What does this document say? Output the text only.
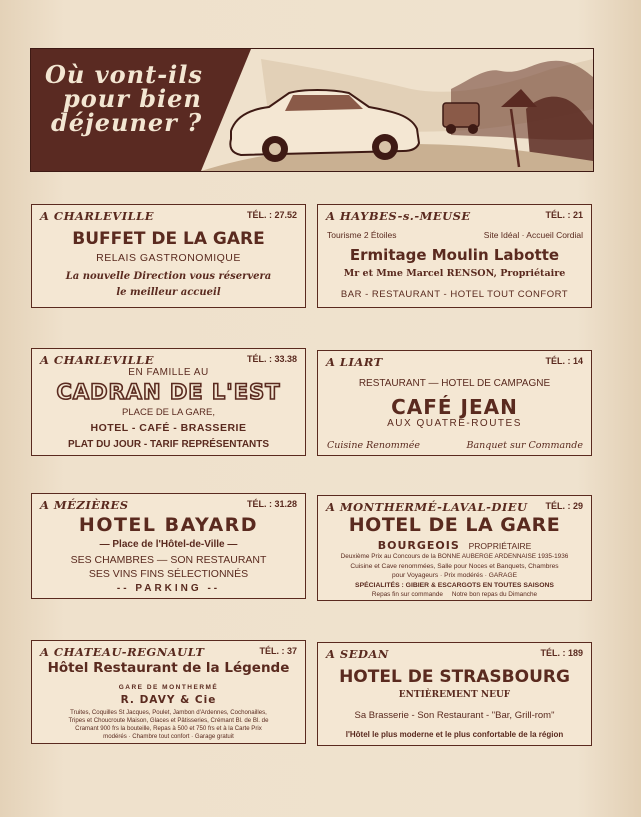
Où vont-ils
pour bien
déjeuner ?
A CHARLEVILLE	TÉL. : 27.52
BUFFET DE LA GARE
RELAIS GASTRONOMIQUE
La nouvelle Direction vous réservera
le meilleur accueil
A HAYBES-s.-MEUSE	TÉL. : 21
Tourisme 2 Étoiles	Site Idéal · Accueil Cordial
Ermitage Moulin Labotte
Mr et Mme Marcel RENSON, Propriétaire
BAR - RESTAURANT - HOTEL TOUT CONFORT
A CHARLEVILLE	TÉL. : 33.38
EN FAMILLE AU
CADRAN DE L'EST
PLACE DE LA GARE,
HOTEL - CAFÉ - BRASSERIE
PLAT DU JOUR - TARIF REPRÉSENTANTS
A LIART	TÉL. : 14
RESTAURANT — HOTEL DE CAMPAGNE
CAFÉ JEAN
AUX QUATRE-ROUTES
Cuisine Renommée	Banquet sur Commande
A MÉZIÈRES	TÉL. : 31.28
HOTEL BAYARD
— Place de l'Hôtel-de-Ville —
SES CHAMBRES — SON RESTAURANT
SES VINS FINS SÉLECTIONNÉS
-- PARKING --
A MONTHERMÉ-LAVAL-DIEU TÉL. : 29
HOTEL DE LA GARE
BOURGEOIS PROPRIÉTAIRE
Deuxième Prix au Concours de la BONNE AUBERGE ARDENNAISE 1935-1936
Cuisine et Cave renommées, Salle pour Noces et Banquets, Chambres
pour Voyageurs · Prix modérés · GARAGE
SPÉCIALITÉS : GIBIER & ESCARGOTS EN TOUTES SAISONS
Repas fin sur commande     Notre bon repas du Dimanche
A CHATEAU-REGNAULT	TÉL. : 37
Hôtel Restaurant de la Légende
GARE DE MONTHERMÉ
R. DAVY & Cie
Truites, Coquilles St Jacques, Poulet, Jambon d'Ardennes, Cochonailles,
Tripes et Choucroute Maison, Glaces et Pâtisseries, Crémant Bl. de Bl. de
Cramant 900 frs la bouteille, Repas à 500 et 750 frs et à la Carte Prix
modérés · Chambre tout confort · Garage gratuit
A SEDAN	TÉL. : 189
HOTEL DE STRASBOURG
ENTIÈREMENT NEUF
Sa Brasserie - Son Restaurant - "Bar, Grill-rom"
l'Hôtel le plus moderne et le plus confortable de la région
